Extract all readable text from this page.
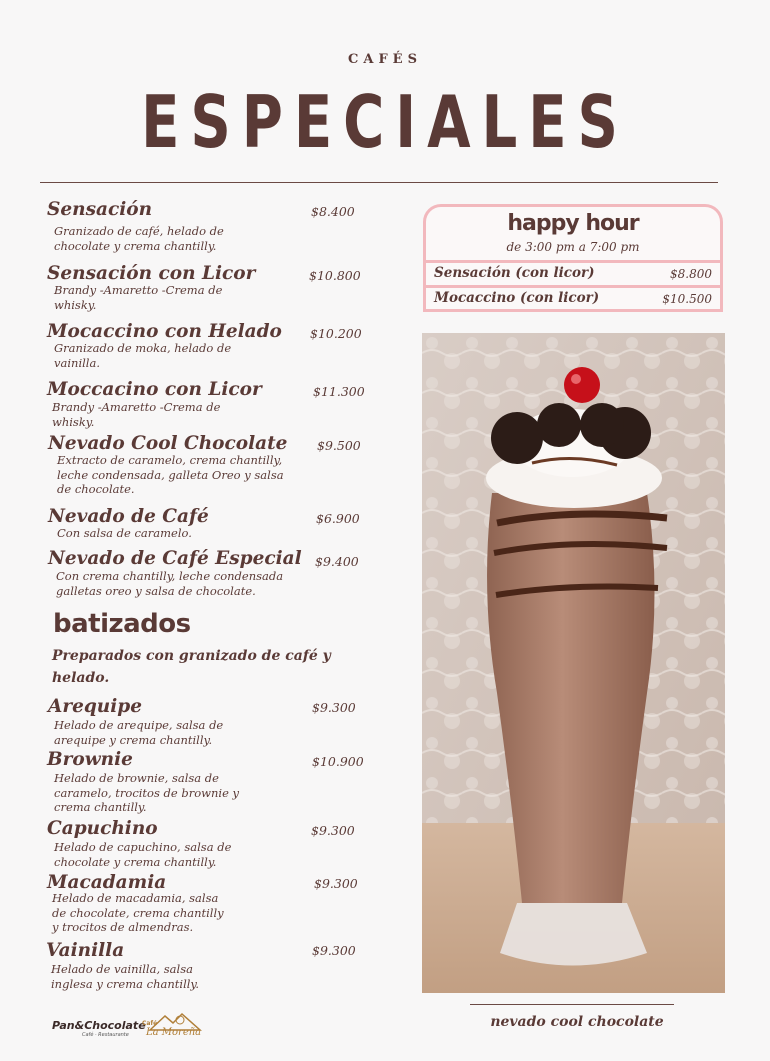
CAFÉS
ESPECIALES
Sensación	$8.400
Granizado de café, helado de
chocolate y crema chantilly.
Sensación con Licor	$10.800
Brandy -Amaretto -Crema de
whisky.
Mocaccino con Helado $10.200
Granizado de moka, helado de
vainilla.
Moccacino con Licor	$11.300
Brandy -Amaretto -Crema de
whisky.
Nevado Cool Chocolate $9.500
Extracto de caramelo, crema chantilly,
leche condensada, galleta Oreo y salsa
de chocolate.
Nevado de Café	$6.900
Con salsa de caramelo.
Nevado de Café Especial $9.400
Con crema chantilly, leche condensada
galletas oreo y salsa de chocolate.
batizados
Preparados con granizado de café y helado.
Arequipe	$9.300
Helado de arequipe, salsa de
arequipe y crema chantilly.
Brownie	$10.900
Helado de brownie, salsa de
caramelo, trocitos de brownie y
crema chantilly.
Capuchino	$9.300
Helado de capuchino, salsa de
chocolate y crema chantilly.
Macadamia	$9.300
Helado de macadamia, salsa
de chocolate, crema chantilly
y trocitos de almendras.
Vainilla	$9.300
Helado de vainilla, salsa
inglesa y crema chantilly.
happy hour
de 3:00 pm a 7:00 pm
Sensación (con licor)	$8.800
Mocaccino (con licor)	$10.500
nevado cool chocolate
Pan&Chocolate
Café · Restaurante
Café
La Moreña
